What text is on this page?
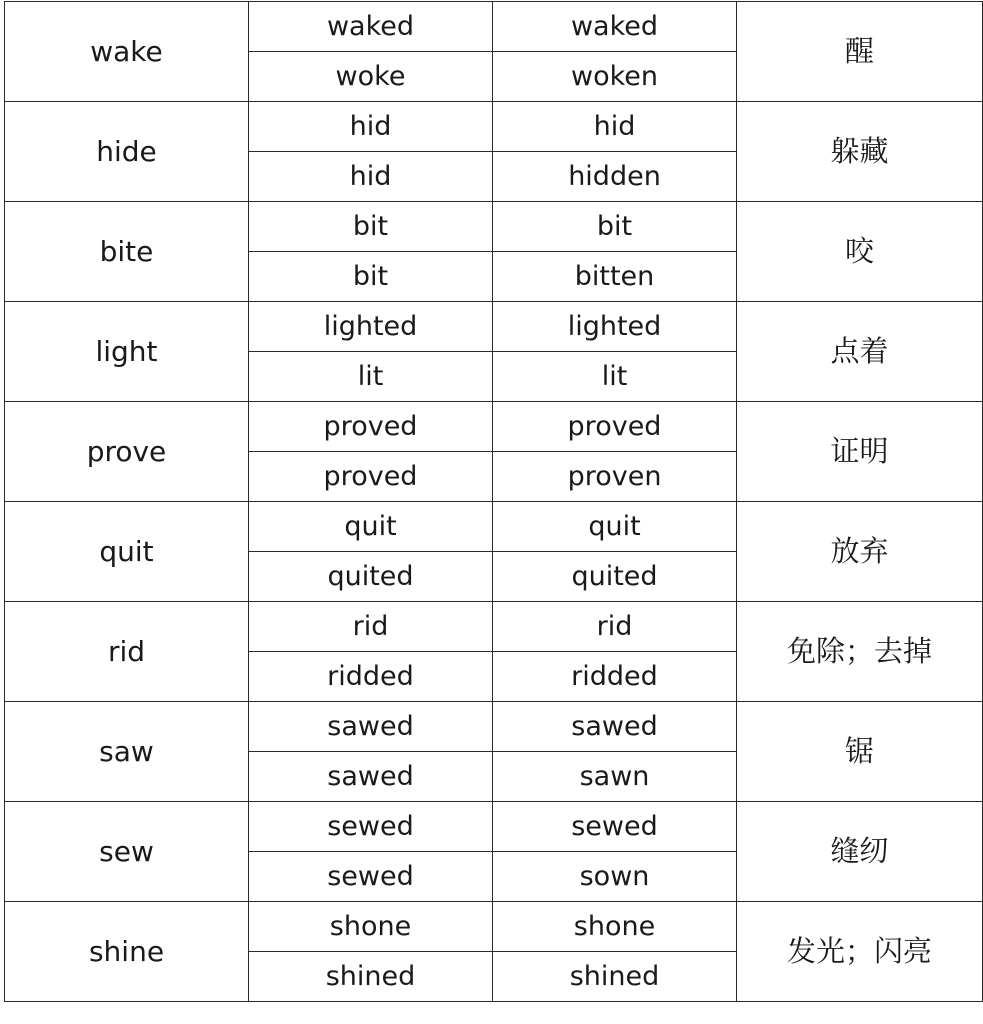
wake	waked	waked	醒
	woke	woken	
hide	hid	hid	躲藏
	hid	hidden	
bite	bit	bit	咬
	bit	bitten	
light	lighted	lighted	点着
	lit	lit	
prove	proved	proved	证明
	proved	proven	
quit	quit	quit	放弃
	quited	quited	
rid	rid	rid	免除；去掉
	ridded	ridded	
saw	sawed	sawed	锯
	sawed	sawn	
sew	sewed	sewed	缝纫
	sewed	sown	
shine	shone	shone	发光；闪亮
	shined	shined	
